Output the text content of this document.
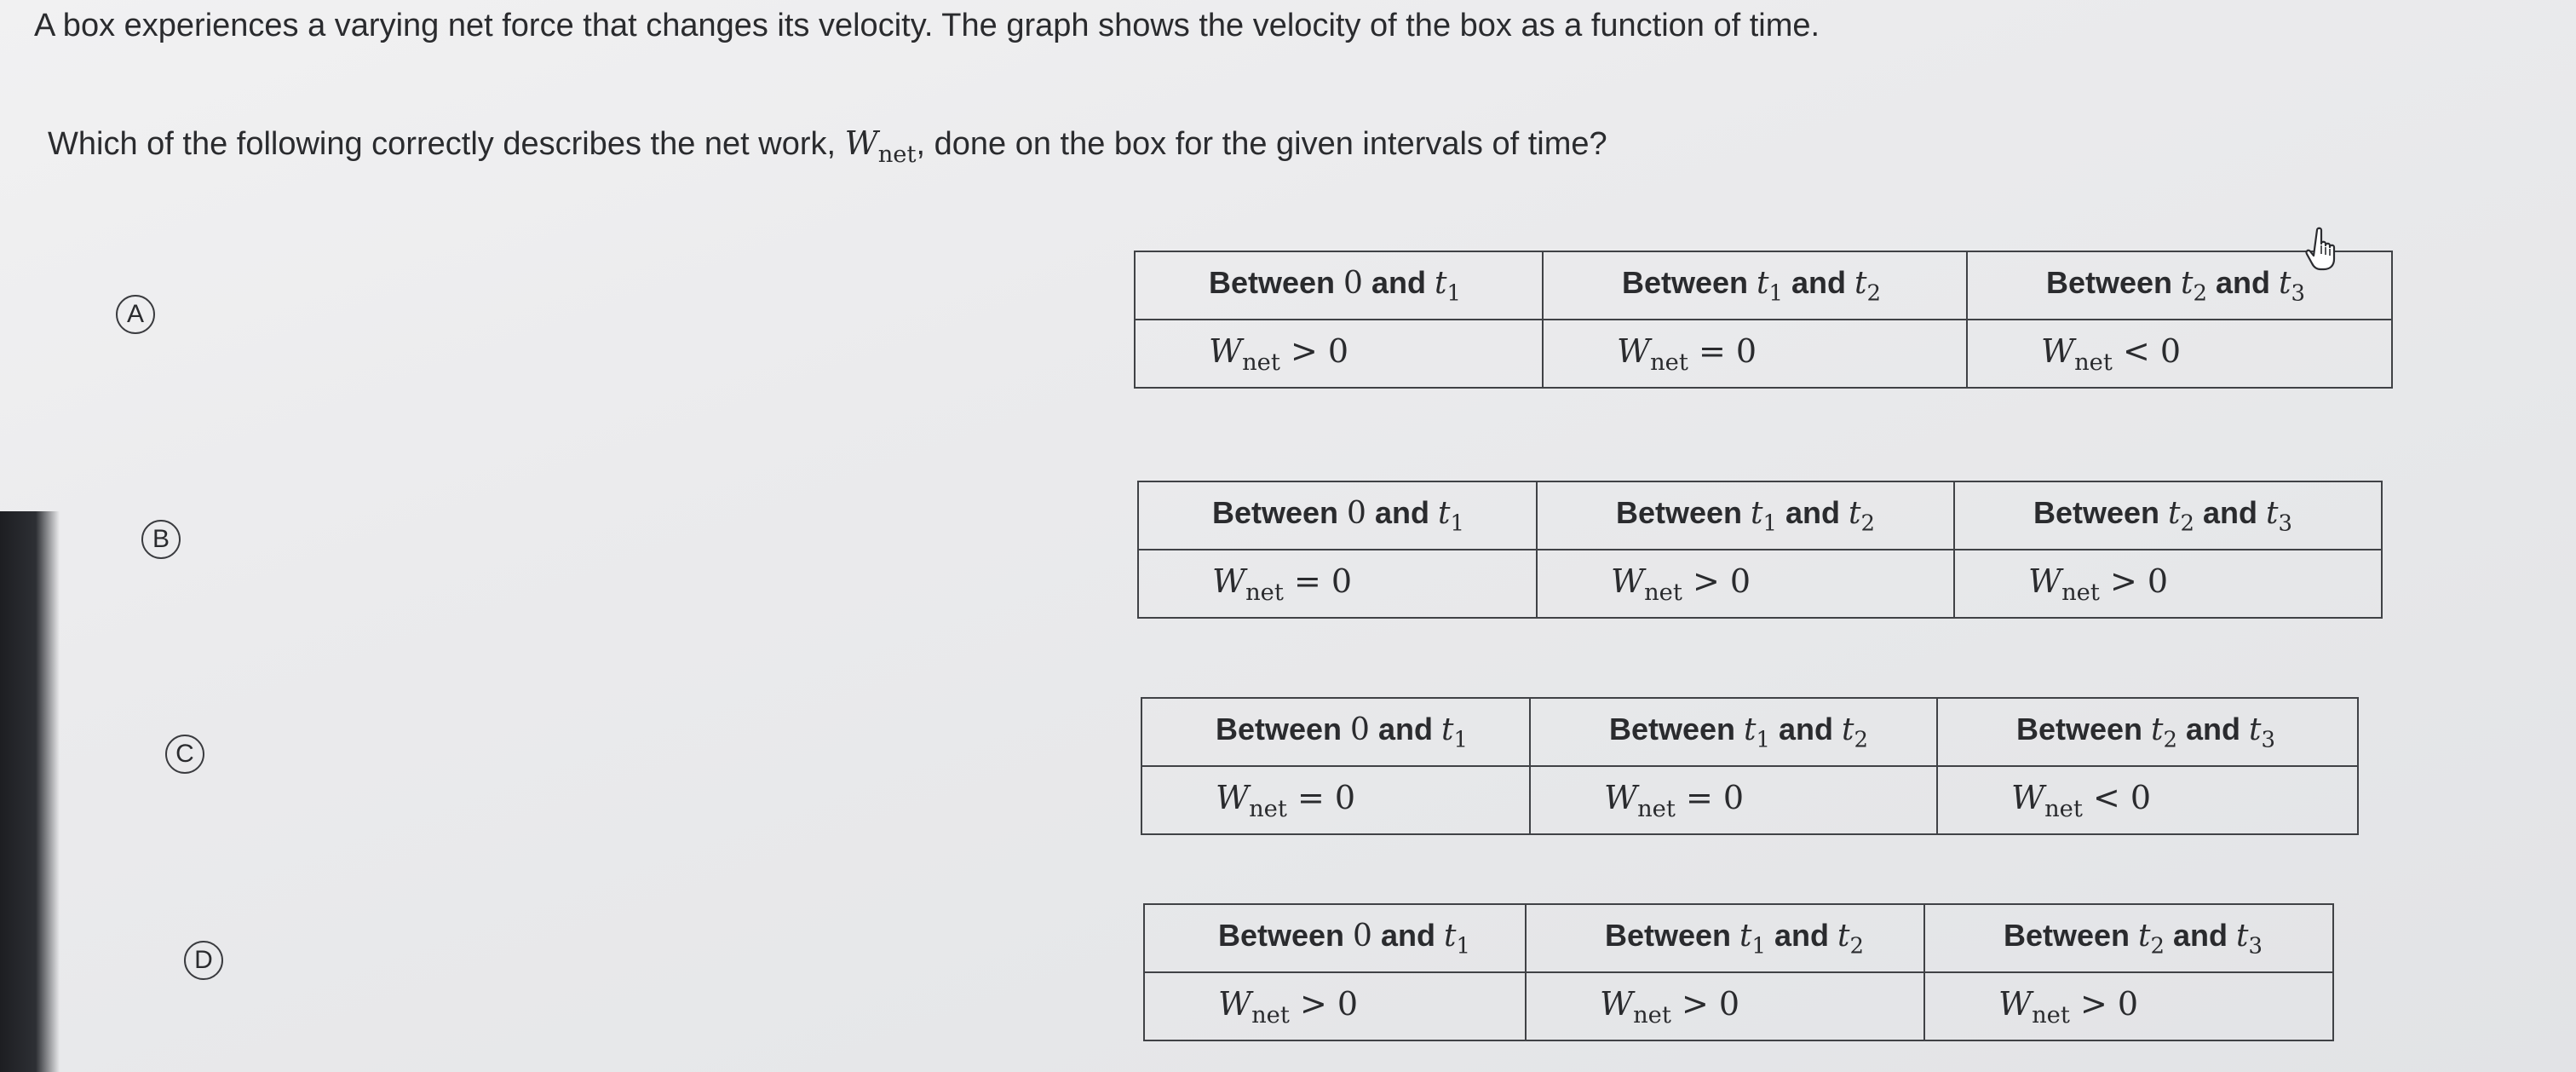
A box experiences a varying net force that changes its velocity. The graph shows the velocity of the box as a function of time.
Which of the following correctly describes the net work, $W_{net}$, done on the box for the given intervals of time?
A
Between 0 and $t_1$	Between $t_1$ and $t_2$	Between $t_2$ and $t_3$
$W_{net} > 0$	$W_{net} = 0$	$W_{net} < 0$
B
Between 0 and $t_1$	Between $t_1$ and $t_2$	Between $t_2$ and $t_3$
$W_{net} = 0$	$W_{net} > 0$	$W_{net} > 0$
C
Between 0 and $t_1$	Between $t_1$ and $t_2$	Between $t_2$ and $t_3$
$W_{net} = 0$	$W_{net} = 0$	$W_{net} < 0$
D
Between 0 and $t_1$	Between $t_1$ and $t_2$	Between $t_2$ and $t_3$
$W_{net} > 0$	$W_{net} > 0$	$W_{net} > 0$
